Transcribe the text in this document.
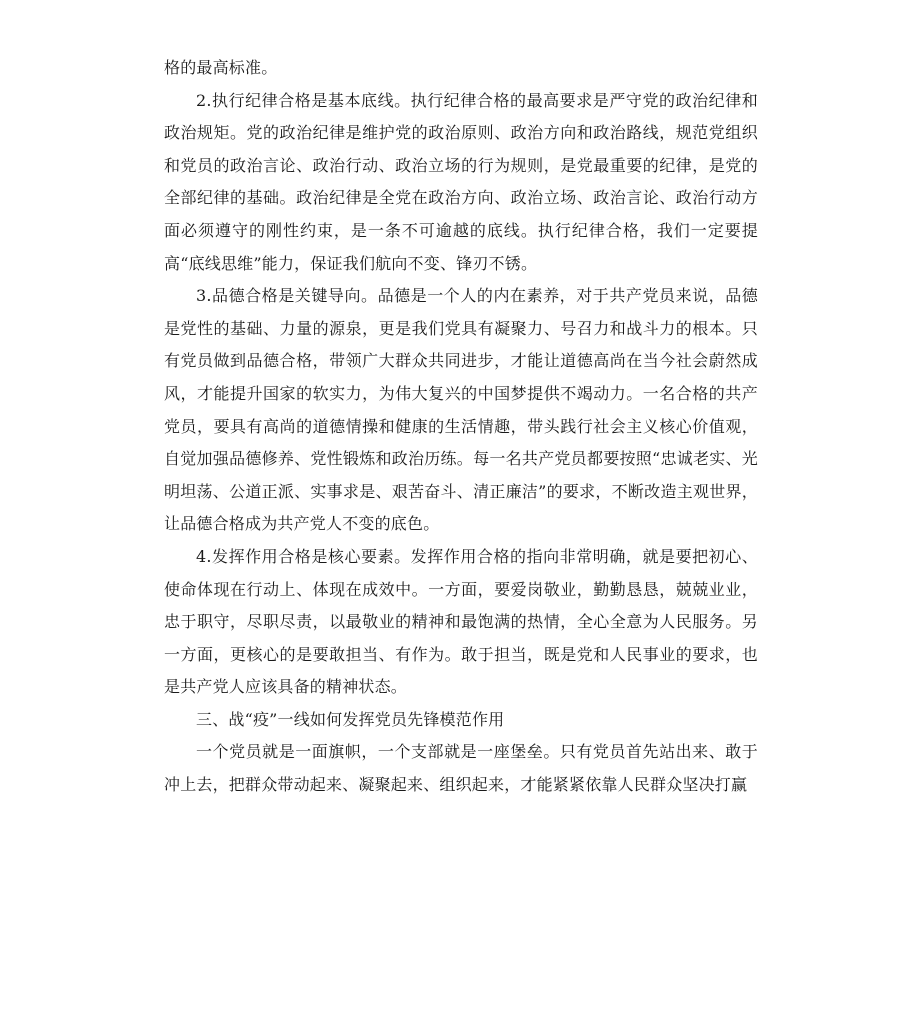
格的最高标准。

2.执行纪律合格是基本底线。执行纪律合格的最高要求是严守党的政治纪律和政治规矩。党的政治纪律是维护党的政治原则、政治方向和政治路线，规范党组织和党员的政治言论、政治行动、政治立场的行为规则，是党最重要的纪律，是党的全部纪律的基础。政治纪律是全党在政治方向、政治立场、政治言论、政治行动方面必须遵守的刚性约束，是一条不可逾越的底线。执行纪律合格，我们一定要提高“底线思维”能力，保证我们航向不变、锋刃不锈。

3.品德合格是关键导向。品德是一个人的内在素养，对于共产党员来说，品德是党性的基础、力量的源泉，更是我们党具有凝聚力、号召力和战斗力的根本。只有党员做到品德合格，带领广大群众共同进步，才能让道德高尚在当今社会蔚然成风，才能提升国家的软实力，为伟大复兴的中国梦提供不竭动力。一名合格的共产党员，要具有高尚的道德情操和健康的生活情趣，带头践行社会主义核心价值观，自觉加强品德修养、党性锻炼和政治历练。每一名共产党员都要按照“忠诚老实、光明坦荡、公道正派、实事求是、艰苦奋斗、清正廉洁”的要求，不断改造主观世界，让品德合格成为共产党人不变的底色。

4.发挥作用合格是核心要素。发挥作用合格的指向非常明确，就是要把初心、使命体现在行动上、体现在成效中。一方面，要爱岗敬业，勤勤恳恳，兢兢业业，忠于职守，尽职尽责，以最敬业的精神和最饱满的热情，全心全意为人民服务。另一方面，更核心的是要敢担当、有作为。敢于担当，既是党和人民事业的要求，也是共产党人应该具备的精神状态。

三、战“疫”一线如何发挥党员先锋模范作用

一个党员就是一面旗帜，一个支部就是一座堡垒。只有党员首先站出来、敢于冲上去，把群众带动起来、凝聚起来、组织起来，才能紧紧依靠人民群众坚决打赢
